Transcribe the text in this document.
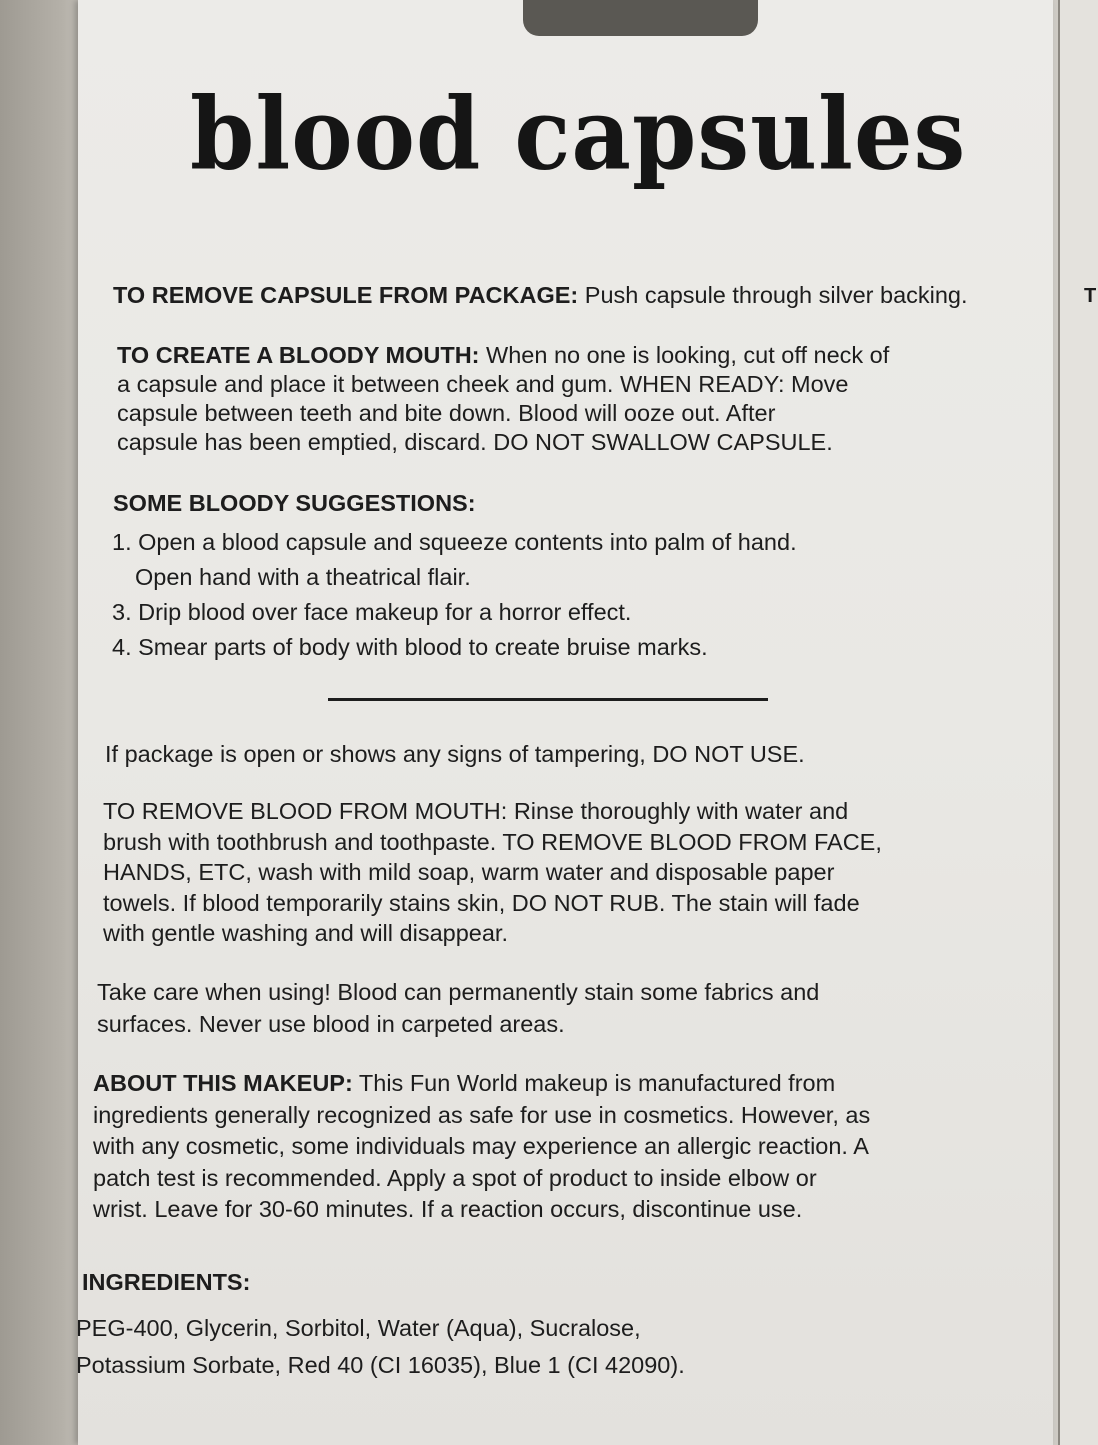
T
blood capsules
TO REMOVE CAPSULE FROM PACKAGE: Push capsule through silver backing.
TO CREATE A BLOODY MOUTH: When no one is looking, cut off neck of
a capsule and place it between cheek and gum. WHEN READY: Move
capsule between teeth and bite down. Blood will ooze out. After
capsule has been emptied, discard. DO NOT SWALLOW CAPSULE.
SOME BLOODY SUGGESTIONS:
1. Open a blood capsule and squeeze contents into palm of hand.
Open hand with a theatrical flair.
3. Drip blood over face makeup for a horror effect.
4. Smear parts of body with blood to create bruise marks.
If package is open or shows any signs of tampering, DO NOT USE.
TO REMOVE BLOOD FROM MOUTH: Rinse thoroughly with water and
brush with toothbrush and toothpaste. TO REMOVE BLOOD FROM FACE,
HANDS, ETC, wash with mild soap, warm water and disposable paper
towels. If blood temporarily stains skin, DO NOT RUB. The stain will fade
with gentle washing and will disappear.
Take care when using! Blood can permanently stain some fabrics and
surfaces. Never use blood in carpeted areas.
ABOUT THIS MAKEUP: This Fun World makeup is manufactured from
ingredients generally recognized as safe for use in cosmetics. However, as
with any cosmetic, some individuals may experience an allergic reaction. A
patch test is recommended. Apply a spot of product to inside elbow or
wrist. Leave for 30-60 minutes. If a reaction occurs, discontinue use.
INGREDIENTS:
PEG-400, Glycerin, Sorbitol, Water (Aqua), Sucralose,
Potassium Sorbate, Red 40 (CI 16035), Blue 1 (CI 42090).
